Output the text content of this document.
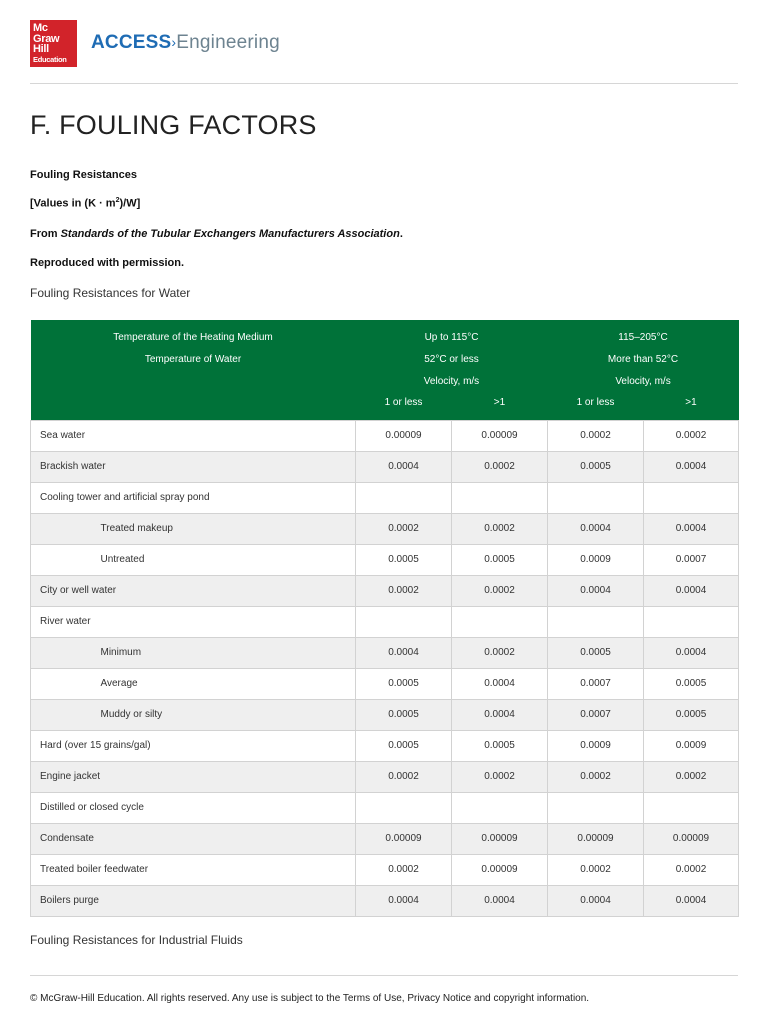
Mc
Graw
Hill
Education
ACCESS›Engineering
F. FOULING FACTORS
Fouling Resistances
[Values in $(K \cdot m^2)/W$]
From Standards of the Tubular Exchangers Manufacturers Association.
Reproduced with permission.
Fouling Resistances for Water
Temperature of the Heating Medium		Up to 115°C		115–205°C	
Temperature of Water		52°C or less		More than 52°C	
		Velocity, m/s		Velocity, m/s	
		1 or less	>1	1 or less	>1
Sea water		0.00009	0.00009	0.0002	0.0002
Brackish water		0.0004	0.0002	0.0005	0.0004
Cooling tower and artificial spray pond					
	Treated makeup	0.0002	0.0002	0.0004	0.0004
	Untreated	0.0005	0.0005	0.0009	0.0007
City or well water		0.0002	0.0002	0.0004	0.0004
River water					
	Minimum	0.0004	0.0002	0.0005	0.0004
	Average	0.0005	0.0004	0.0007	0.0005
	Muddy or silty	0.0005	0.0004	0.0007	0.0005
Hard (over 15 grains/gal)		0.0005	0.0005	0.0009	0.0009
Engine jacket		0.0002	0.0002	0.0002	0.0002
Distilled or closed cycle					
Condensate		0.00009	0.00009	0.00009	0.00009
Treated boiler feedwater		0.0002	0.00009	0.0002	0.0002
Boilers purge		0.0004	0.0004	0.0004	0.0004
Fouling Resistances for Industrial Fluids
© McGraw-Hill Education. All rights reserved. Any use is subject to the Terms of Use, Privacy Notice and copyright information.
